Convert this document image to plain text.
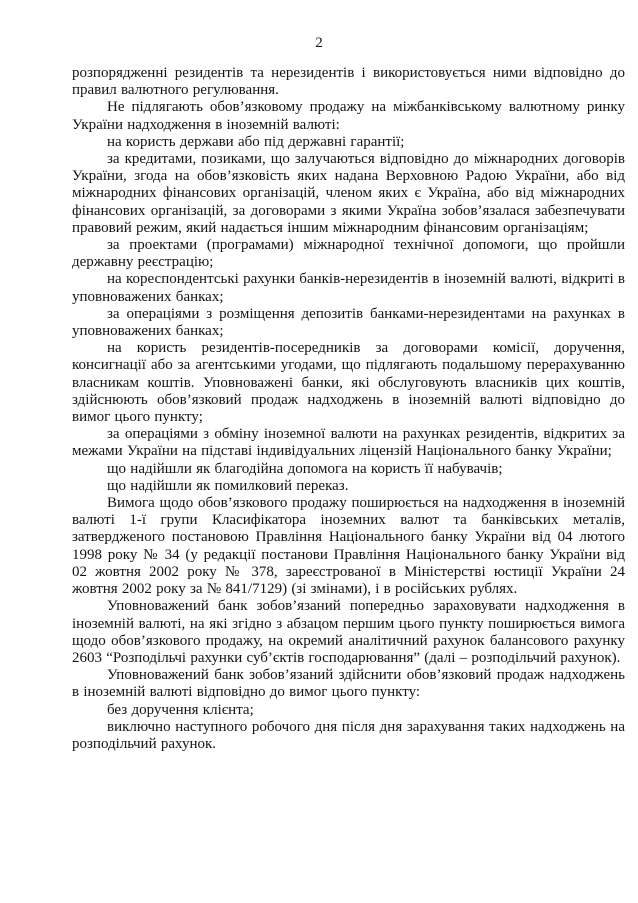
2

розпорядженні резидентів та нерезидентів і використовується ними відповідно до правил валютного регулювання.

Не підлягають обов’язковому продажу на міжбанківському валютному ринку України надходження в іноземній валюті:

на користь держави або під державні гарантії;

за кредитами, позиками, що залучаються відповідно до міжнародних договорів України, згода на обов’язковість яких надана Верховною Радою України, або від міжнародних фінансових організацій, членом яких є Україна, або від міжнародних фінансових організацій, за договорами з якими Україна зобов’язалася забезпечувати правовий режим, який надається іншим міжнародним фінансовим організаціям;

за проектами (програмами) міжнародної технічної допомоги, що пройшли державну реєстрацію;

на кореспондентські рахунки банків-нерезидентів в іноземній валюті, відкриті в уповноважених банках;

за операціями з розміщення депозитів банками-нерезидентами на рахунках в уповноважених банках;

на користь резидентів-посередників за договорами комісії, доручення, консигнації або за агентськими угодами, що підлягають подальшому перерахуванню власникам коштів. Уповноважені банки, які обслуговують власників цих коштів, здійснюють обов’язковий продаж надходжень в іноземній валюті відповідно до вимог цього пункту;

за операціями з обміну іноземної валюти на рахунках резидентів, відкритих за межами України на підставі індивідуальних ліцензій Національного банку України;

що надійшли як благодійна допомога на користь її набувачів;

що надійшли як помилковий переказ.

Вимога щодо обов’язкового продажу поширюється на надходження в іноземній валюті 1-ї групи Класифікатора іноземних валют та банківських металів, затвердженого постановою Правління Національного банку України від 04 лютого 1998 року № 34 (у редакції постанови Правління Національного банку України від 02 жовтня 2002 року № 378, зареєстрованої в Міністерстві юстиції України 24 жовтня 2002 року за № 841/7129) (зі змінами), і в російських рублях.

Уповноважений банк зобов’язаний попередньо зараховувати надходження в іноземній валюті, на які згідно з абзацом першим цього пункту поширюється вимога щодо обов’язкового продажу, на окремий аналітичний рахунок балансового рахунку 2603 “Розподільчі рахунки суб’єктів господарювання” (далі – розподільчий рахунок).

Уповноважений банк зобов’язаний здійснити обов’язковий продаж надходжень в іноземній валюті відповідно до вимог цього пункту:

без доручення клієнта;

виключно наступного робочого дня після дня зарахування таких надходжень на розподільчий рахунок.
